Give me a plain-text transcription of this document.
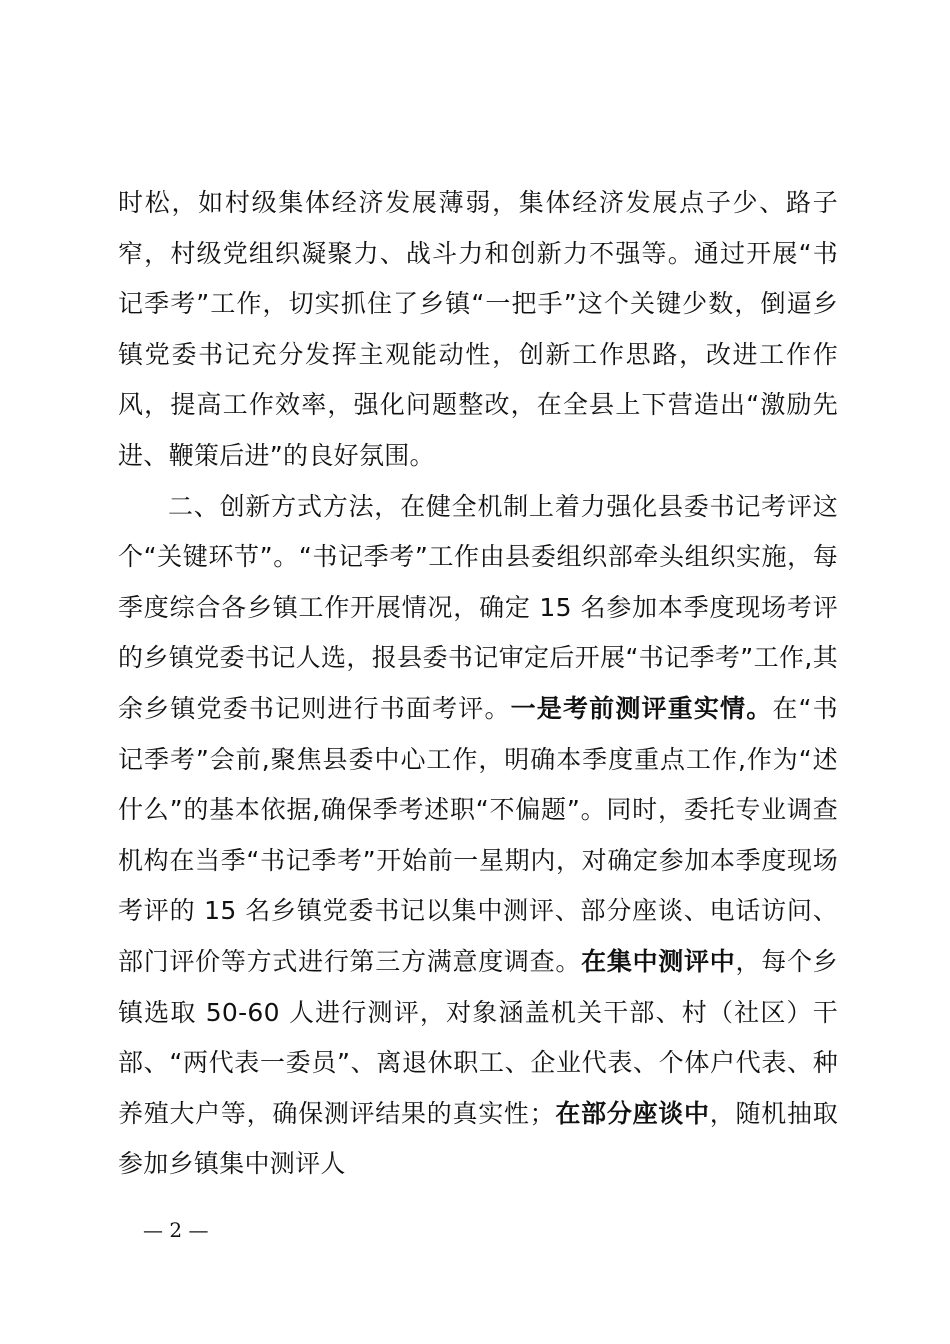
时松，如村级集体经济发展薄弱，集体经济发展点子少、路子窄，村级党组织凝聚力、战斗力和创新力不强等。通过开展“书记季考”工作，切实抓住了乡镇“一把手”这个关键少数，倒逼乡镇党委书记充分发挥主观能动性，创新工作思路，改进工作作风，提高工作效率，强化问题整改，在全县上下营造出“激励先进、鞭策后进”的良好氛围。

二、创新方式方法，在健全机制上着力强化县委书记考评这个“关键环节”。“书记季考”工作由县委组织部牵头组织实施，每季度综合各乡镇工作开展情况，确定 15 名参加本季度现场考评的乡镇党委书记人选，报县委书记审定后开展“书记季考”工作,其余乡镇党委书记则进行书面考评。一是考前测评重实情。在“书记季考”会前,聚焦县委中心工作，明确本季度重点工作,作为“述什么”的基本依据,确保季考述职“不偏题”。同时，委托专业调查机构在当季“书记季考”开始前一星期内，对确定参加本季度现场考评的 15 名乡镇党委书记以集中测评、部分座谈、电话访问、部门评价等方式进行第三方满意度调查。在集中测评中，每个乡镇选取 50-60 人进行测评，对象涵盖机关干部、村（社区）干部、“两代表一委员”、离退休职工、企业代表、个体户代表、种养殖大户等，确保测评结果的真实性；在部分座谈中，随机抽取参加乡镇集中测评人

— 2 —
